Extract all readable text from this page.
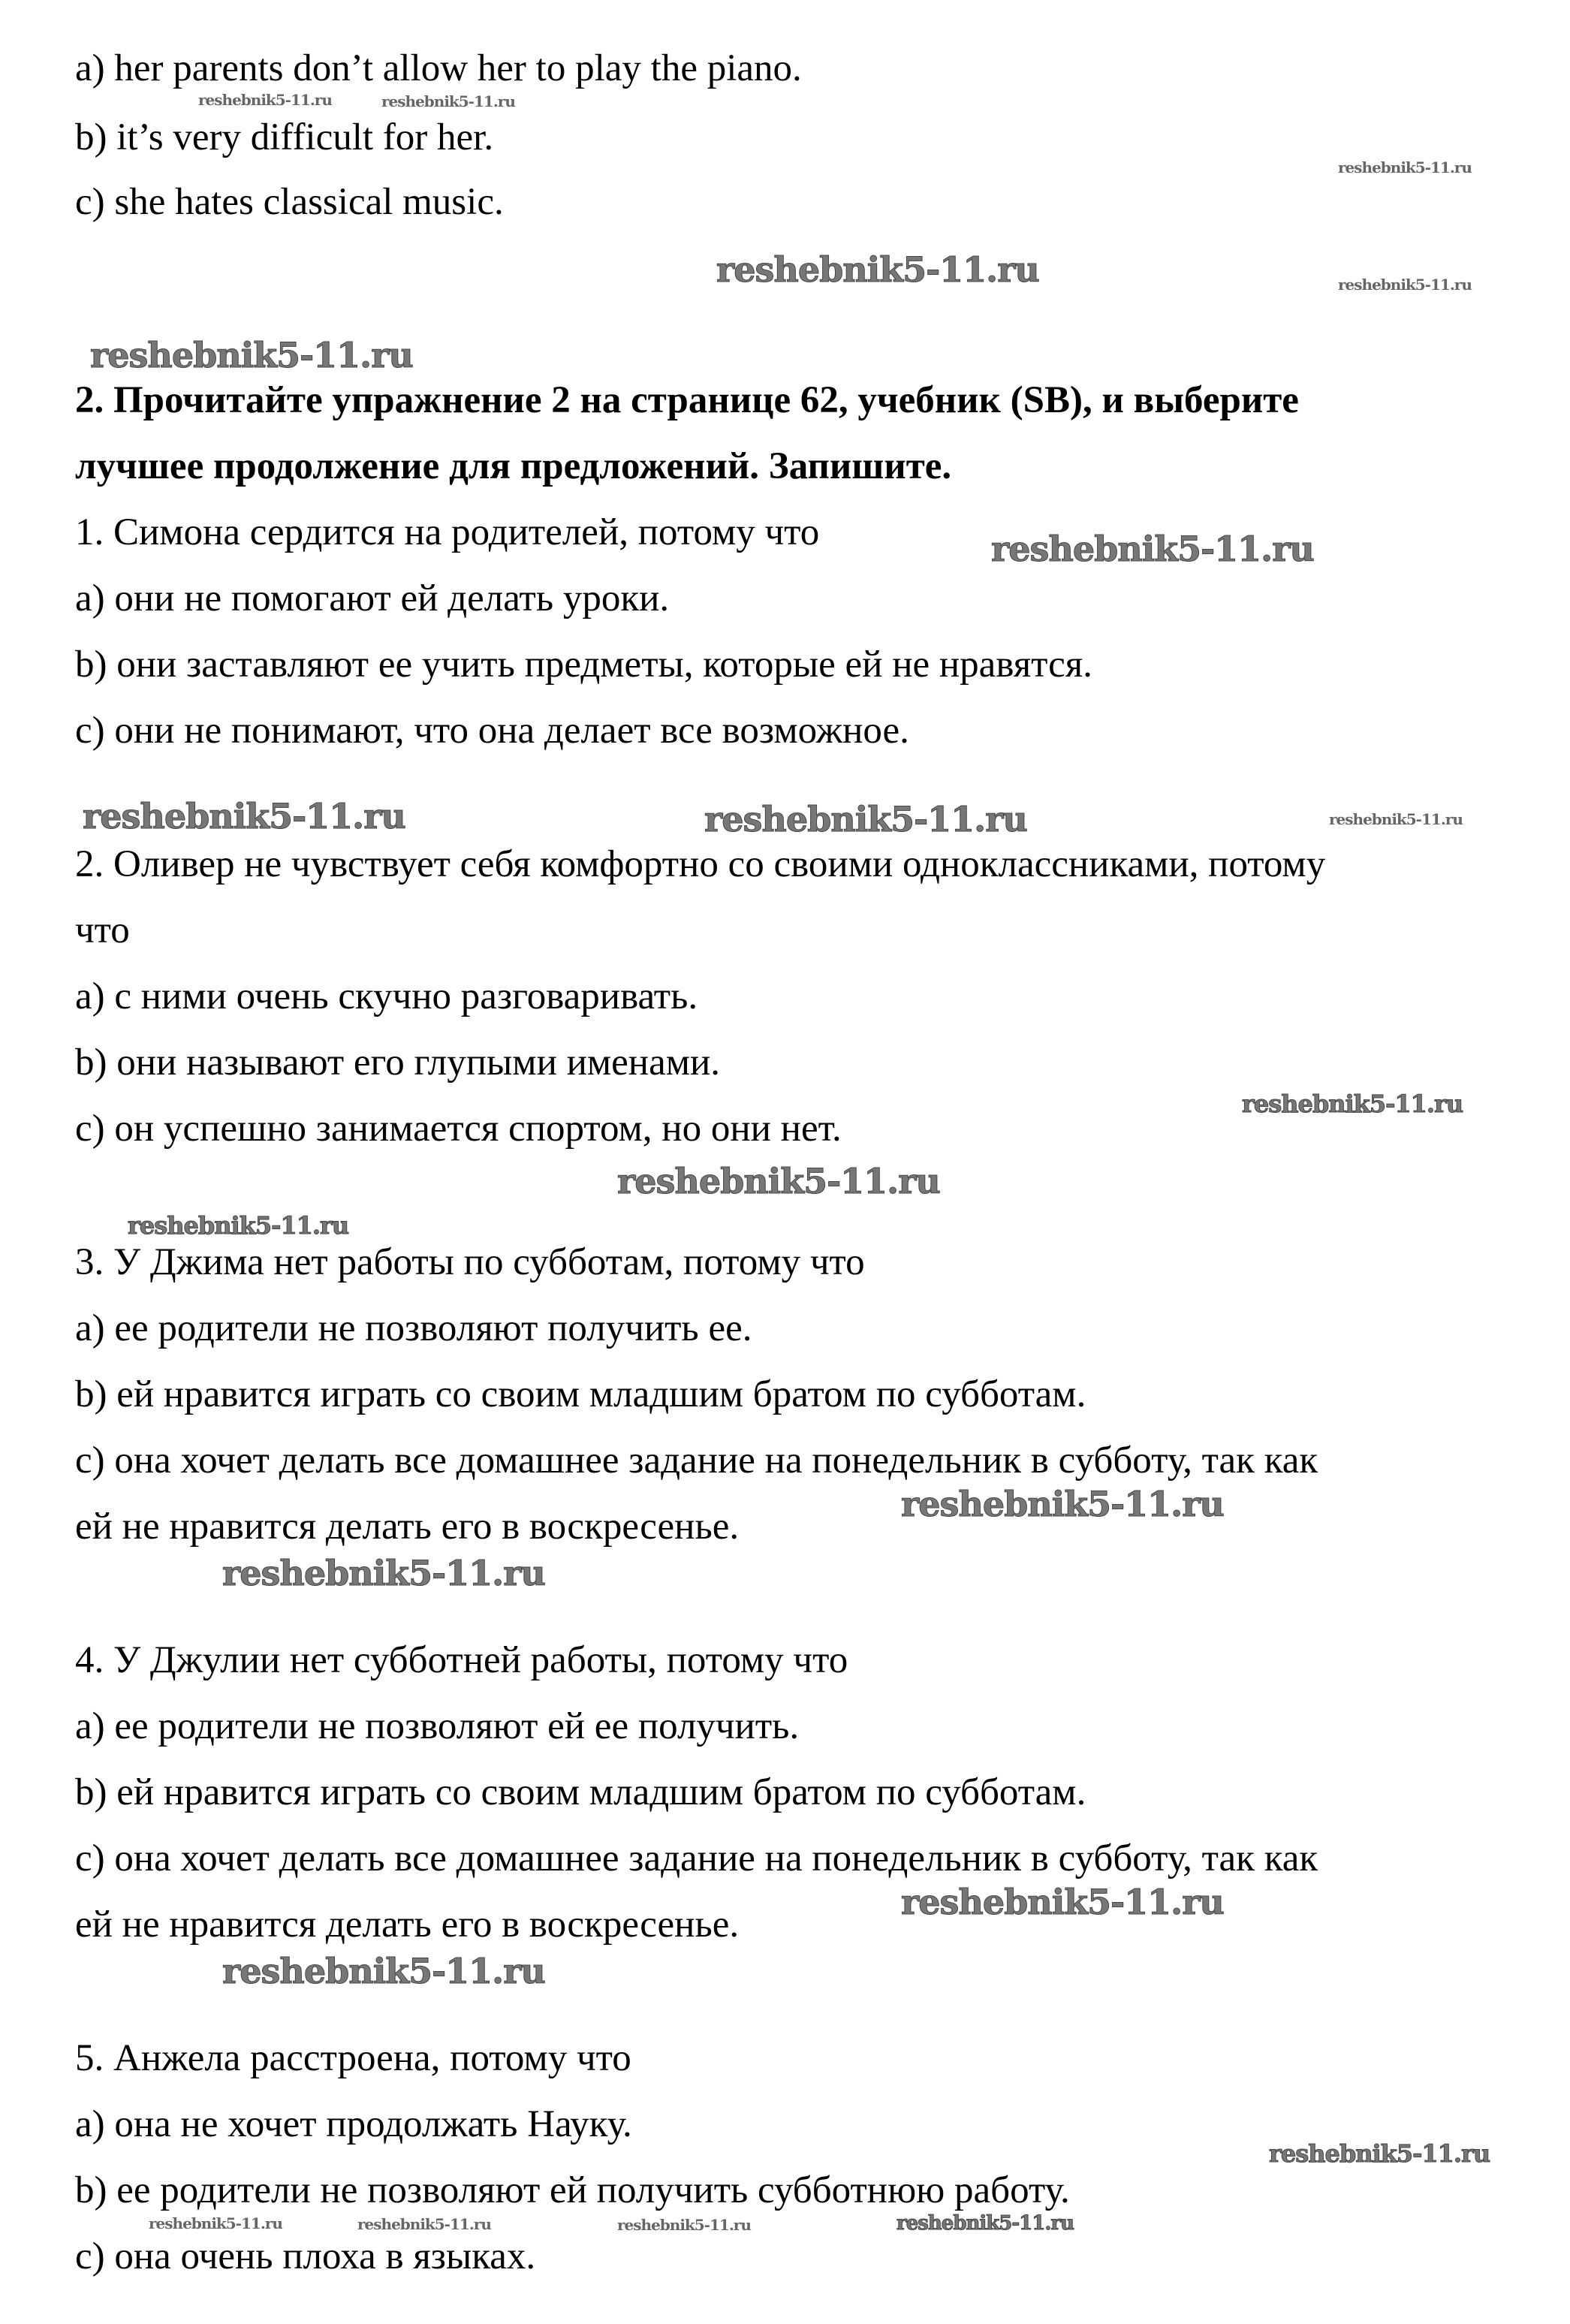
a) her parents don’t allow her to play the piano.
b) it’s very difficult for her.
c) she hates classical music.
2. Прочитайте упражнение 2 на странице 62, учебник (SB), и выберите
лучшее продолжение для предложений. Запишите.
1. Симона сердится на родителей, потому что
a) они не помогают ей делать уроки.
b) они заставляют ее учить предметы, которые ей не нравятся.
c) они не понимают, что она делает все возможное.
2. Оливер не чувствует себя комфортно со своими одноклассниками, потому
что
a) с ними очень скучно разговаривать.
b) они называют его глупыми именами.
c) он успешно занимается спортом, но они нет.
3. У Джима нет работы по субботам, потому что
a) ее родители не позволяют получить ее.
b) ей нравится играть со своим младшим братом по субботам.
c) она хочет делать все домашнее задание на понедельник в субботу, так как
ей не нравится делать его в воскресенье.
4. У Джулии нет субботней работы, потому что
a) ее родители не позволяют ей ее получить.
b) ей нравится играть со своим младшим братом по субботам.
c) она хочет делать все домашнее задание на понедельник в субботу, так как
ей не нравится делать его в воскресенье.
5. Анжела расстроена, потому что
a) она не хочет продолжать Науку.
b) ее родители не позволяют ей получить субботнюю работу.
c) она очень плоха в языках.
reshebnik5-11.ru	reshebnik5-11.ru
reshebnik5-11.ru
reshebnik5-11.ru
reshebnik5-11.ru
reshebnik5-11.ru
reshebnik5-11.ru
reshebnik5-11.ru	reshebnik5-11.ru	reshebnik5-11.ru
reshebnik5-11.ru
reshebnik5-11.ru
reshebnik5-11.ru
reshebnik5-11.ru
reshebnik5-11.ru
reshebnik5-11.ru
reshebnik5-11.ru
reshebnik5-11.ru
reshebnik5-11.ru	reshebnik5-11.ru	reshebnik5-11.ru	reshebnik5-11.ru
